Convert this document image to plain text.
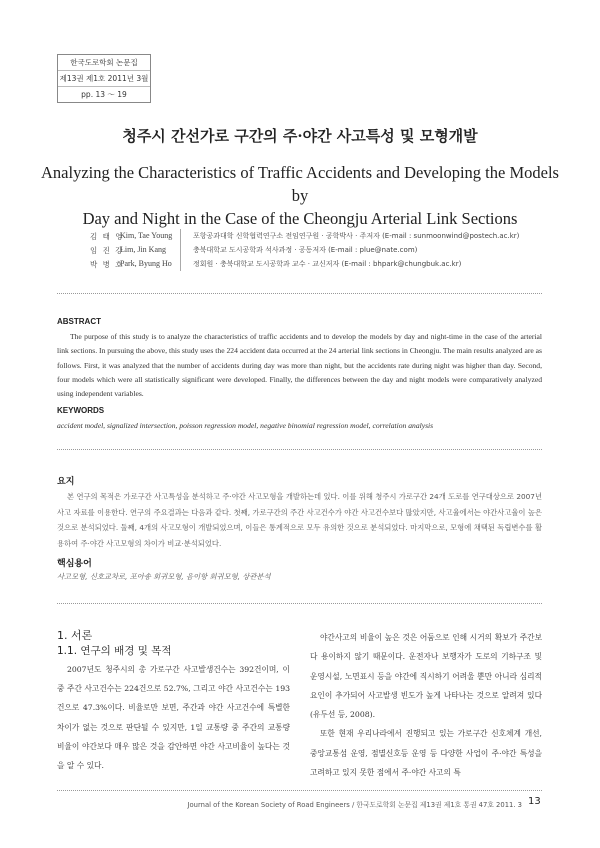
한국도로학회 논문집
제13권 제1호 2011년 3월
pp. 13 ～ 19
청주시 간선가로 구간의 주·야간 사고특성 및 모형개발
Analyzing the Characteristics of Traffic Accidents and Developing the Models by
Day and Night in the Case of the Cheongju Arterial Link Sections
김 태 영
Kim, Tae Young	포항공과대학 신학협력연구소 전임연구원 · 공학박사 · 주저자 (E-mail : sunmoonwind@postech.ac.kr)
임 진 강
Lim, Jin Kang	충북대학교 도시공학과 석사과정 · 공동저자 (E-mail : plue@nate.com)
박 병 호
Park, Byung Ho	정회원 · 충북대학교 도시공학과 교수 · 교신저자 (E-mail : bhpark@chungbuk.ac.kr)
ABSTRACT

The purpose of this study is to analyze the characteristics of traffic accidents and to develop the models by day and night-time in the case of the arterial link sections. In pursuing the above, this study uses the 224 accident data occurred at the 24 arterial link sections in Cheongju. The main results analyzed are as follows. First, it was analyzed that the number of accidents during day was more than night, but the accidents rate during night was higher than day. Second, four models which were all statistically significant were developed. Finally, the differences between the day and night models were comparatively analyzed using independent variables.

KEYWORDS

accident model, signalized intersection, poisson regression model, negative binomial regression model, correlation analysis

요지

본 연구의 목적은 가로구간 사고특성을 분석하고 주·야간 사고모형을 개발하는데 있다. 이를 위해 청주시 가로구간 24개 도로를 연구대상으로 2007년 사고 자료를 이용한다. 연구의 주요결과는 다음과 같다. 첫째, 가로구간의 주간 사고건수가 야간 사고건수보다 많았지만, 사고율에서는 야간사고율이 높은 것으로 분석되었다. 둘째, 4개의 사고모형이 개발되었으며, 이들은 통계적으로 모두 유의한 것으로 분석되었다. 마지막으로, 모형에 채택된 독립변수를 활용하여 주·야간 사고모형의 차이가 비교·분석되었다.

핵심용어

사고모형, 신호교차로, 포아송 회귀모형, 음이항 회귀모형, 상관분석

1. 서론
1.1. 연구의 배경 및 목적

2007년도 청주시의 총 가로구간 사고발생건수는 392건이며, 이 중 주간 사고건수는 224건으로 52.7%, 그리고 야간 사고건수는 193건으로 47.3%이다. 비율로만 보면, 주간과 야간 사고건수에 특별한 차이가 없는 것으로 판단될 수 있지만, 1일 교통량 중 주간의 교통량 비율이 야간보다 매우 많은 것을 감안하면 야간 사고비율이 높다는 것을 알 수 있다.

야간사고의 비율이 높은 것은 어둠으로 인해 시거의 확보가 주간보다 용이하지 않기 때문이다. 운전자나 보행자가 도로의 기하구조 및 운영시설, 노면표시 등을 야간에 직시하기 어려울 뿐만 아니라 심리적 요인이 추가되어 사고발생 빈도가 높게 나타나는 것으로 알려져 있다(유두선 등, 2008).

또한 현재 우리나라에서 진행되고 있는 가로구간 신호체계 개선, 중앙교통섬 운영, 점멸신호등 운영 등 다양한 사업이 주·야간 특성을 고려하고 있지 못한 점에서 주·야간 사고의 특

Journal of the Korean Society of Road Engineers / 한국도로학회 논문집 제13권 제1호 통권 47호 2011. 3 13
